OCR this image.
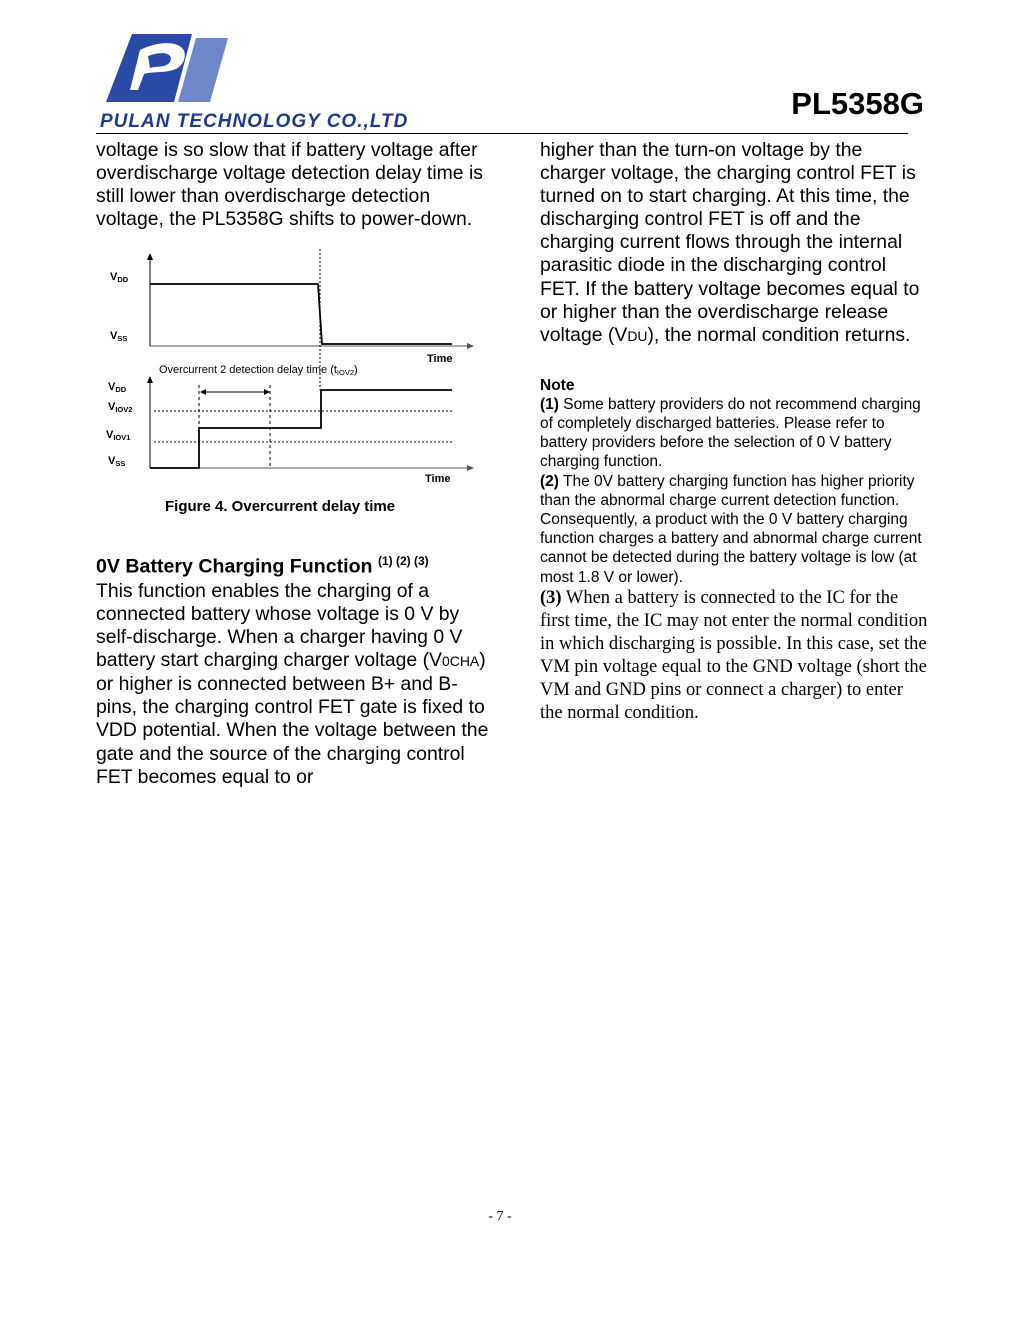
PULAN TECHNOLOGY CO.,LTD
PL5358G

voltage is so slow that if battery voltage after overdischarge voltage detection delay time is still lower than overdischarge detection voltage, the PL5358G shifts to power-down.

VDD
VSS
Time
Overcurrent 2 detection delay time (tIOV2)
VDD
VIOV2
VIOV1
VSS
Time
Figure 4. Overcurrent delay time
0V Battery Charging Function $^{(1) (2) (3)}$

This function enables the charging of a connected battery whose voltage is 0 V by self-discharge. When a charger having 0 V battery start charging charger voltage (V0CHA) or higher is connected between B+ and B- pins, the charging control FET gate is fixed to VDD potential. When the voltage between the gate and the source of the charging control FET becomes equal to or

higher than the turn-on voltage by the charger voltage, the charging control FET is turned on to start charging. At this time, the discharging control FET is off and the charging current flows through the internal parasitic diode in the discharging control FET. If the battery voltage becomes equal to or higher than the overdischarge release voltage (VDU), the normal condition returns.

Note

(1) Some battery providers do not recommend charging of completely discharged batteries. Please refer to battery providers before the selection of 0 V battery charging function.

(2) The 0V battery charging function has higher priority than the abnormal charge current detection function. Consequently, a product with the 0 V battery charging function charges a battery and abnormal charge current cannot be detected during the battery voltage is low (at most 1.8 V or lower).

(3) When a battery is connected to the IC for the first time, the IC may not enter the normal condition in which discharging is possible. In this case, set the VM pin voltage equal to the GND voltage (short the VM and GND pins or connect a charger) to enter the normal condition.

- 7 -
